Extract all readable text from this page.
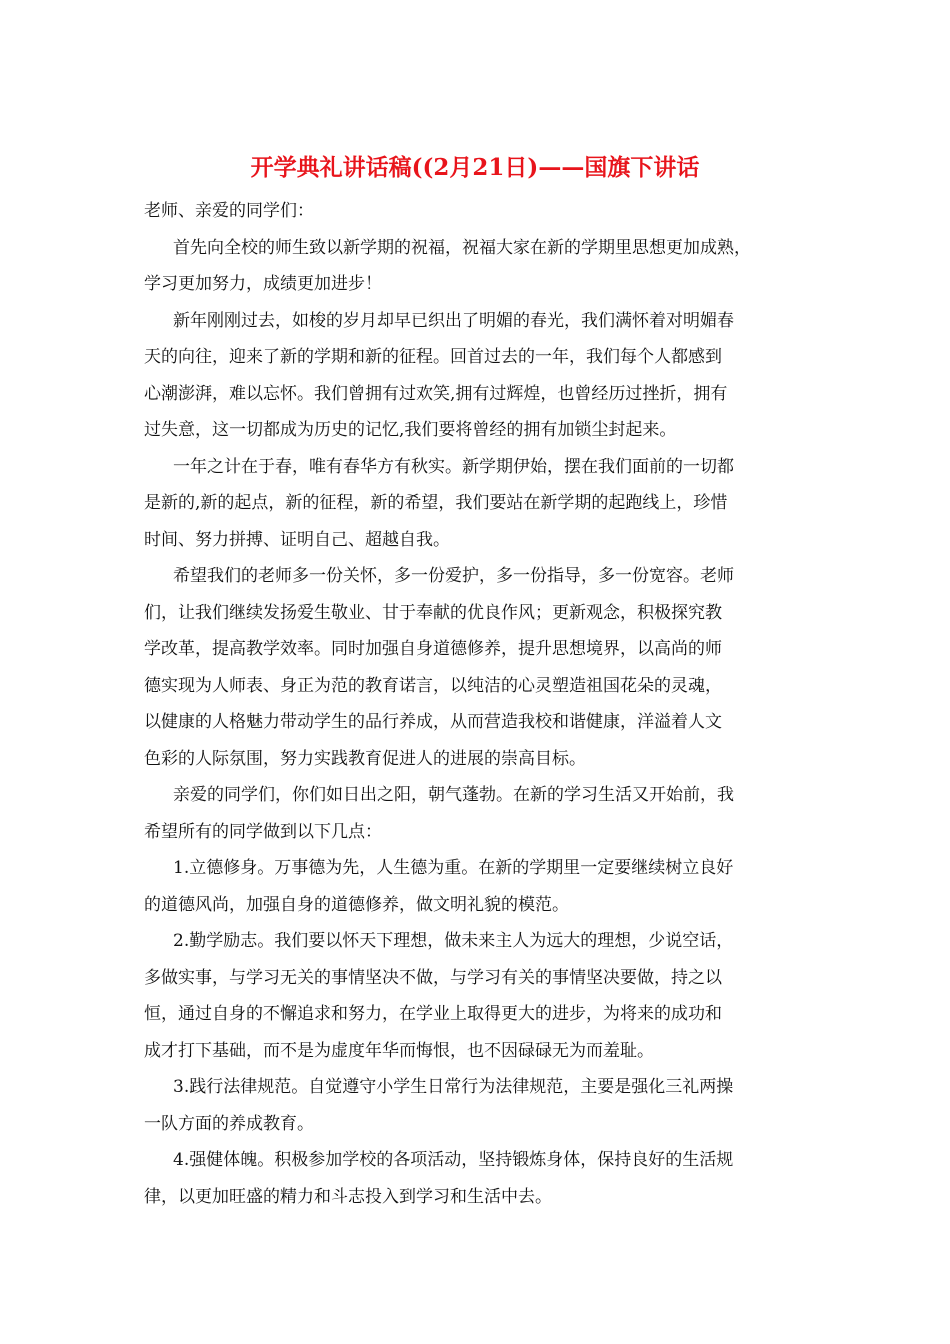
开学典礼讲话稿((2月21日)——国旗下讲话
老师、亲爱的同学们：
首先向全校的师生致以新学期的祝福，祝福大家在新的学期里思想更加成熟，
学习更加努力，成绩更加进步！
新年刚刚过去，如梭的岁月却早已织出了明媚的春光，我们满怀着对明媚春
天的向往，迎来了新的学期和新的征程。回首过去的一年，我们每个人都感到
心潮澎湃，难以忘怀。我们曾拥有过欢笑,拥有过辉煌，也曾经历过挫折，拥有
过失意，这一切都成为历史的记忆,我们要将曾经的拥有加锁尘封起来。
一年之计在于春，唯有春华方有秋实。新学期伊始，摆在我们面前的一切都
是新的,新的起点，新的征程，新的希望，我们要站在新学期的起跑线上，珍惜
时间、努力拼搏、证明自己、超越自我。
希望我们的老师多一份关怀，多一份爱护，多一份指导，多一份宽容。老师
们，让我们继续发扬爱生敬业、甘于奉献的优良作风；更新观念，积极探究教
学改革，提高教学效率。同时加强自身道德修养，提升思想境界，以高尚的师
德实现为人师表、身正为范的教育诺言，以纯洁的心灵塑造祖国花朵的灵魂，
以健康的人格魅力带动学生的品行养成，从而营造我校和谐健康，洋溢着人文
色彩的人际氛围，努力实践教育促进人的进展的崇高目标。
亲爱的同学们，你们如日出之阳，朝气蓬勃。在新的学习生活又开始前，我
希望所有的同学做到以下几点：
1.立德修身。万事德为先，人生德为重。在新的学期里一定要继续树立良好
的道德风尚，加强自身的道德修养，做文明礼貌的模范。
2.勤学励志。我们要以怀天下理想，做未来主人为远大的理想，少说空话，
多做实事，与学习无关的事情坚决不做，与学习有关的事情坚决要做，持之以
恒，通过自身的不懈追求和努力，在学业上取得更大的进步，为将来的成功和
成才打下基础，而不是为虚度年华而悔恨，也不因碌碌无为而羞耻。
3.践行法律规范。自觉遵守小学生日常行为法律规范，主要是强化三礼两操
一队方面的养成教育。
4.强健体魄。积极参加学校的各项活动，坚持锻炼身体，保持良好的生活规
律，以更加旺盛的精力和斗志投入到学习和生活中去。
